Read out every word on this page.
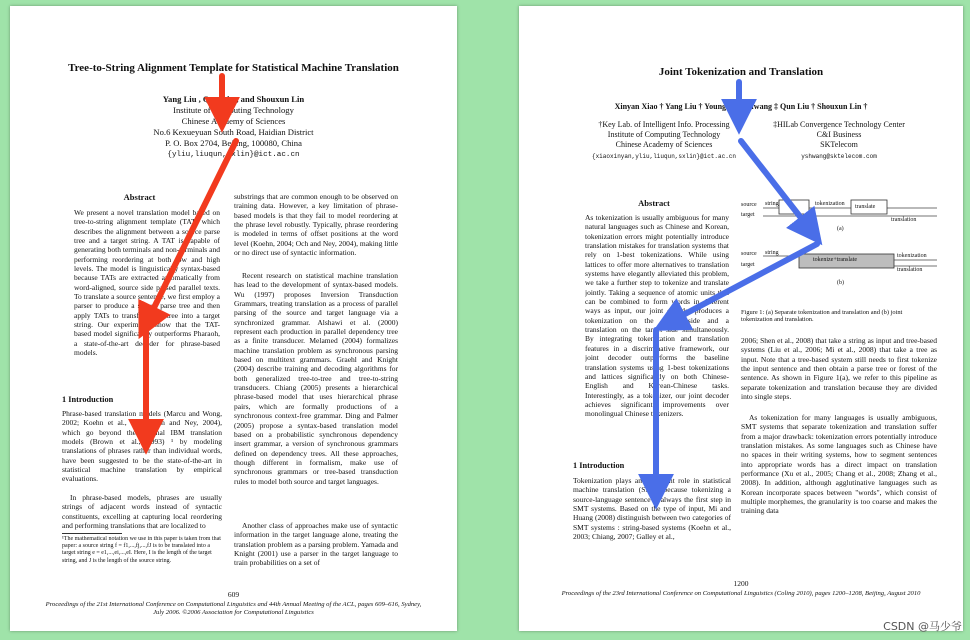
Tree-to-String Alignment Template for Statistical Machine Translation
Yang Liu , Qun Liu , and Shouxun Lin
Institute of Computing Technology
Chinese Academy of Sciences
No.6 Kexueyuan South Road, Haidian District
P. O. Box 2704, Beijing, 100080, China
{yliu,liuqun,sxlin}@ict.ac.cn
Abstract
We present a novel translation model based on tree-to-string alignment template (TAT) which describes the alignment between a source parse tree and a target string. A TAT is capable of generating both terminals and non-terminals and performing reordering at both low and high levels. The model is linguistically syntax-based because TATs are extracted automatically from word-aligned, source side parsed parallel texts. To translate a source sentence, we first employ a parser to produce a source parse tree and then apply TATs to transform the tree into a target string. Our experiments show that the TAT-based model significantly outperforms Pharaoh, a state-of-the-art decoder for phrase-based models.
1 Introduction
Phrase-based translation models (Marcu and Wong, 2002; Koehn et al., 2003; Och and Ney, 2004), which go beyond the original IBM translation models (Brown et al., 1993) ¹ by modeling translations of phrases rather than individual words, have been suggested to be the state-of-the-art in statistical machine translation by empirical evaluations.
In phrase-based models, phrases are usually strings of adjacent words instead of syntactic constituents, excelling at capturing local reordering and performing translations that are localized to
¹The mathematical notation we use in this paper is taken from that paper: a source string f = f1,...,fj,...,fJ is to be translated into a target string e = e1,...,ei,...,eI. Here, I is the length of the target string, and J is the length of the source string.
substrings that are common enough to be observed on training data. However, a key limitation of phrase-based models is that they fail to model reordering at the phrase level robustly. Typically, phrase reordering is modeled in terms of offset positions at the word level (Koehn, 2004; Och and Ney, 2004), making little or no direct use of syntactic information.
Recent research on statistical machine translation has lead to the development of syntax-based models. Wu (1997) proposes Inversion Transduction Grammars, treating translation as a process of parallel parsing of the source and target language via a synchronized grammar. Alshawi et al. (2000) represent each production in parallel dependency tree as a finite transducer. Melamed (2004) formalizes machine translation problem as synchronous parsing based on multitext grammars. Graehl and Knight (2004) describe training and decoding algorithms for both generalized tree-to-tree and tree-to-string transducers. Chiang (2005) presents a hierarchical phrase-based model that uses hierarchical phrase pairs, which are formally productions of a synchronous context-free grammar. Ding and Palmer (2005) propose a syntax-based translation model based on a probabilistic synchronous dependency insert grammar, a version of synchronous grammars defined on dependency trees. All these approaches, though different in formalism, make use of synchronous grammars or tree-based transduction rules to model both source and target languages.
Another class of approaches make use of syntactic information in the target language alone, treating the translation problem as a parsing problem. Yamada and Knight (2001) use a parser in the target language to train probabilities on a set of
609
Proceedings of the 21st International Conference on Computational Linguistics and 44th Annual Meeting of the ACL, pages 609–616, Sydney, July 2006. ©2006 Association for Computational Linguistics
Joint Tokenization and Translation
Xinyan Xiao † Yang Liu † Young-Sook Hwang ‡ Qun Liu † Shouxun Lin †
†Key Lab. of Intelligent Info. Processing
Institute of Computing Technology
Chinese Academy of Sciences
{xiaoxinyan,yliu,liuqun,sxlin}@ict.ac.cn
‡HILab Convergence Technology Center
C&I Business
SKTelecom
yshwang@sktelecom.com
Abstract
As tokenization is usually ambiguous for many natural languages such as Chinese and Korean, tokenization errors might potentially introduce translation mistakes for translation systems that rely on 1-best tokenizations. While using lattices to offer more alternatives to translation systems have elegantly alleviated this problem, we take a further step to tokenize and translate jointly. Taking a sequence of atomic units that can be combined to form words in different ways as input, our joint decoder produces a tokenization on the source side and a translation on the target side simultaneously. By integrating tokenization and translation features in a discriminative framework, our joint decoder outperforms the baseline translation systems using 1-best tokenizations and lattices significantly on both Chinese-English and Korean-Chinese tasks. Interestingly, as a tokenizer, our joint decoder achieves significant improvements over monolingual Chinese tokenizers.
1 Introduction
Tokenization plays an important role in statistical machine translation (SMT) because tokenizing a source-language sentence is always the first step in SMT systems. Based on the type of input, Mi and Huang (2008) distinguish between two categories of SMT systems : string-based systems (Koehn et al., 2003; Chiang, 2007; Galley et al.,
source
target
string	tokenization translate
translation
(a)
source
target
string
tokenize+translate
tokenization
translation
(b)
Figure 1: (a) Separate tokenization and translation and (b) joint tokenization and translation.
2006; Shen et al., 2008) that take a string as input and tree-based systems (Liu et al., 2006; Mi et al., 2008) that take a tree as input. Note that a tree-based system still needs to first tokenize the input sentence and then obtain a parse tree or forest of the sentence. As shown in Figure 1(a), we refer to this pipeline as separate tokenization and translation because they are divided into single steps.
As tokenization for many languages is usually ambiguous, SMT systems that separate tokenization and translation suffer from a major drawback: tokenization errors potentially introduce translation mistakes. As some languages such as Chinese have no spaces in their writing systems, how to segment sentences into appropriate words has a direct impact on translation performance (Xu et al., 2005; Chang et al., 2008; Zhang et al., 2008). In addition, although agglutinative languages such as Korean incorporate spaces between "words", which consist of multiple morphemes, the granularity is too coarse and makes the training data
1200
Proceedings of the 23rd International Conference on Computational Linguistics (Coling 2010), pages 1200–1208, Beijing, August 2010
CSDN @马少爷
